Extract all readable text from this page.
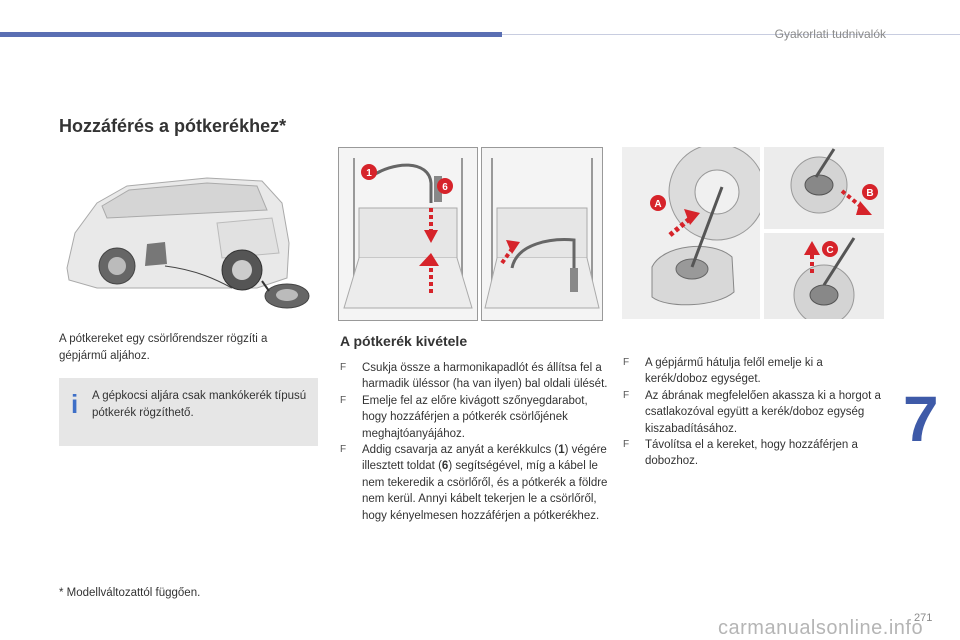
Gyakorlati tudnivalók
7
Hozzáférés a pótkerékhez*
1
6
A
B
C
A pótkereket egy csörlőrendszer rögzíti a gépjármű aljához.
i A gépkocsi aljára csak mankókerék típusú pótkerék rögzíthető.
A pótkerék kivétele
F Csukja össze a harmonikapadlót és állítsa fel a harmadik üléssor (ha van ilyen) bal oldali ülését.
F Emelje fel az előre kivágott szőnyegdarabot, hogy hozzáférjen a pótkerék csörlőjének meghajtóanyájához.
F Addig csavarja az anyát a kerékkulcs (1) végére illesztett toldat (6) segítségével, míg a kábel le nem tekeredik a csörlőről, és a pótkerék a földre nem kerül. Annyi kábelt tekerjen le a csörlőről, hogy kényelmesen hozzáférjen a pótkerékhez.
F A gépjármű hátulja felől emelje ki a kerék/doboz egységet.
F Az ábrának megfelelően akassza ki a horgot a csatlakozóval együtt a kerék/doboz egység kiszabadításához.
F Távolítsa el a kereket, hogy hozzáférjen a dobozhoz.
* Modellváltozattól függően.
carmanualsonline.info
271
